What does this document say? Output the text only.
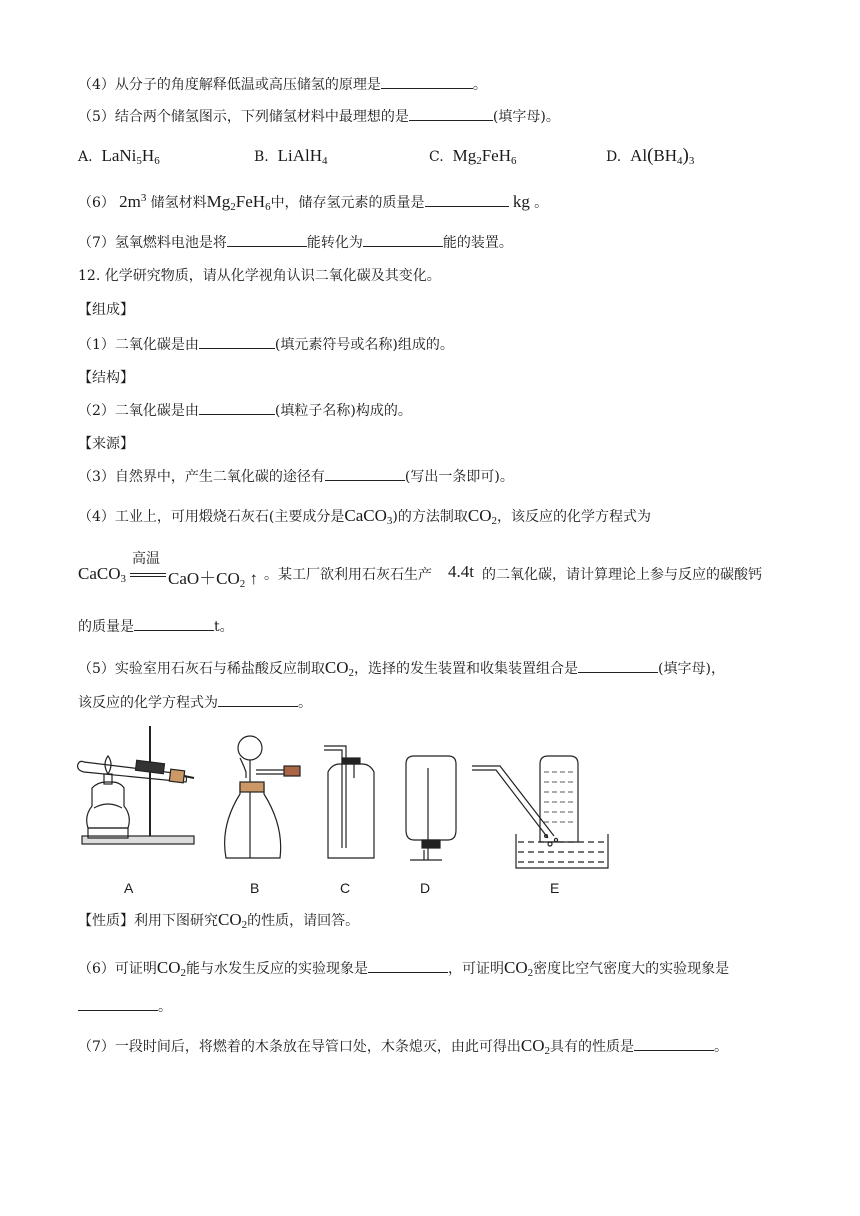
（4）从分子的角度解释低温或高压储氢的原理是	。
（5）结合两个储氢图示，下列储氢材料中最理想的是	(填字母)。
A. $LaNi_5H_6$	B. LiAlH$_4$	C. $Mg_2FeH_6$	D. $Al(BH_4)_3$
（6） $2m^3$ 储氢材料$Mg_2FeH_6$中，储存氢元素的质量是	kg 。
（7）氢氧燃料电池是将	能转化为	能的装置。
12. 化学研究物质，请从化学视角认识二氧化碳及其变化。
【组成】
（1）二氧化碳是由	(填元素符号或名称)组成的。
【结构】
（2）二氧化碳是由	(填粒子名称)构成的。
【来源】
（3）自然界中，产生二氧化碳的途径有	(写出一条即可)。
（4）工业上，可用煅烧石灰石(主要成分是CaCO$_3$)的方法制取$CO_2$，该反应的化学方程式为
CaCO$_3$
高温
$CaO+CO_2$ ↑ 。某工厂欲利用石灰石生产 4.4t 的二氧化碳，请计算理论上参与反应的碳酸钙
的质量是	t。
（5）实验室用石灰石与稀盐酸反应制取$CO_2$，选择的发生装置和收集装置组合是	(填字母)，
该反应的化学方程式为	。
A	B	C	D	E
【性质】利用下图研究$CO_2$的性质，请回答。
（6）可证明$CO_2$能与水发生反应的实验现象是	，可证明$CO_2$密度比空气密度大的实验现象是
。
（7）一段时间后，将燃着的木条放在导管口处，木条熄灭，由此可得出$CO_2$具有的性质是	。
